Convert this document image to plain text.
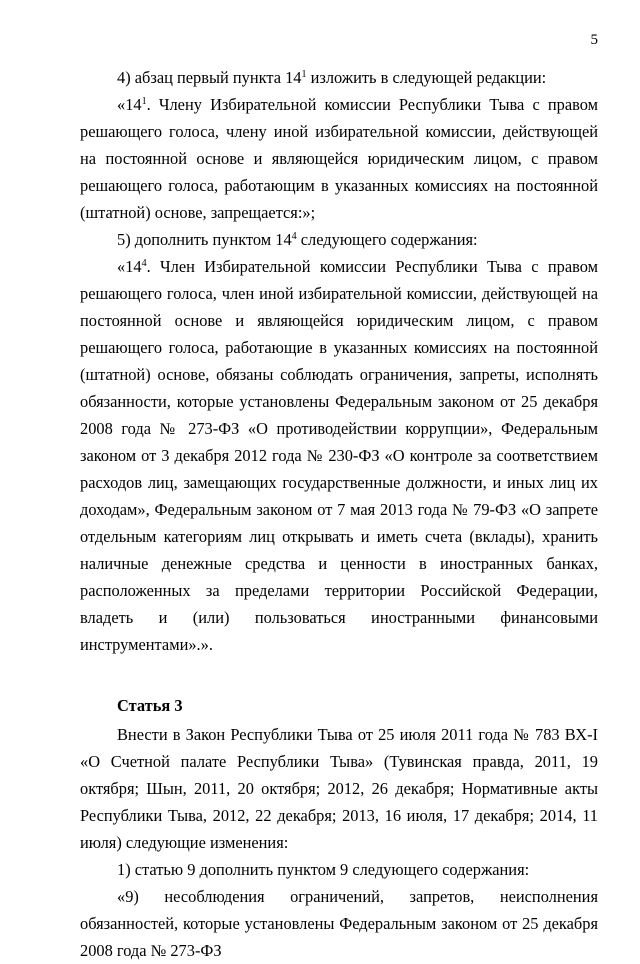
5

4) абзац первый пункта $14^1$ изложить в следующей редакции:

«$14^1$. Члену Избирательной комиссии Республики Тыва с правом решающего голоса, члену иной избирательной комиссии, действующей на постоянной основе и являющейся юридическим лицом, с правом решающего голоса, работающим в указанных комиссиях на постоянной (штатной) основе, запрещается:»;

5) дополнить пунктом $14^4$ следующего содержания:

«$14^4$. Член Избирательной комиссии Республики Тыва с правом решающего голоса, член иной избирательной комиссии, действующей на постоянной основе и являющейся юридическим лицом, с правом решающего голоса, работающие в указанных комиссиях на постоянной (штатной) основе, обязаны соблюдать ограничения, запреты, исполнять обязанности, которые установлены Федеральным законом от 25 декабря 2008 года № 273-ФЗ «О противодействии коррупции», Федеральным законом от 3 декабря 2012 года № 230-ФЗ «О контроле за соответствием расходов лиц, замещающих государственные должности, и иных лиц их доходам», Федеральным законом от 7 мая 2013 года № 79-ФЗ «О запрете отдельным категориям лиц открывать и иметь счета (вклады), хранить наличные денежные средства и ценности в иностранных банках, расположенных за пределами территории Российской Федерации, владеть и (или) пользоваться иностранными финансовыми инструментами».».

Статья 3

Внести в Закон Республики Тыва от 25 июля 2011 года № 783 ВХ-I «О Счетной палате Республики Тыва» (Тувинская правда, 2011, 19 октября; Шын, 2011, 20 октября; 2012, 26 декабря; Нормативные акты Республики Тыва, 2012, 22 декабря; 2013, 16 июля, 17 декабря; 2014, 11 июля) следующие изменения:

1) статью 9 дополнить пунктом 9 следующего содержания:

«9) несоблюдения ограничений, запретов, неисполнения обязанностей, которые установлены Федеральным законом от 25 декабря 2008 года № 273-ФЗ
